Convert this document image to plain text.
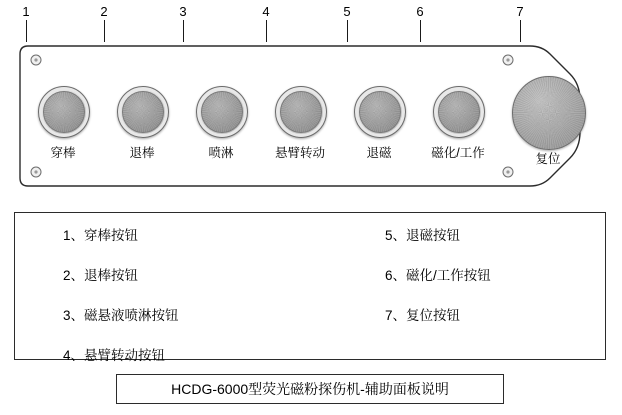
1	2	3	4	5	6	7
穿棒	退棒	喷淋	悬臂转动	退磁	磁化/工作	复位
1、穿棒按钮
2、退棒按钮
3、磁悬液喷淋按钮
4、悬臂转动按钮
5、退磁按钮
6、磁化/工作按钮
7、复位按钮
HCDG-6000型荧光磁粉探伤机-辅助面板说明
